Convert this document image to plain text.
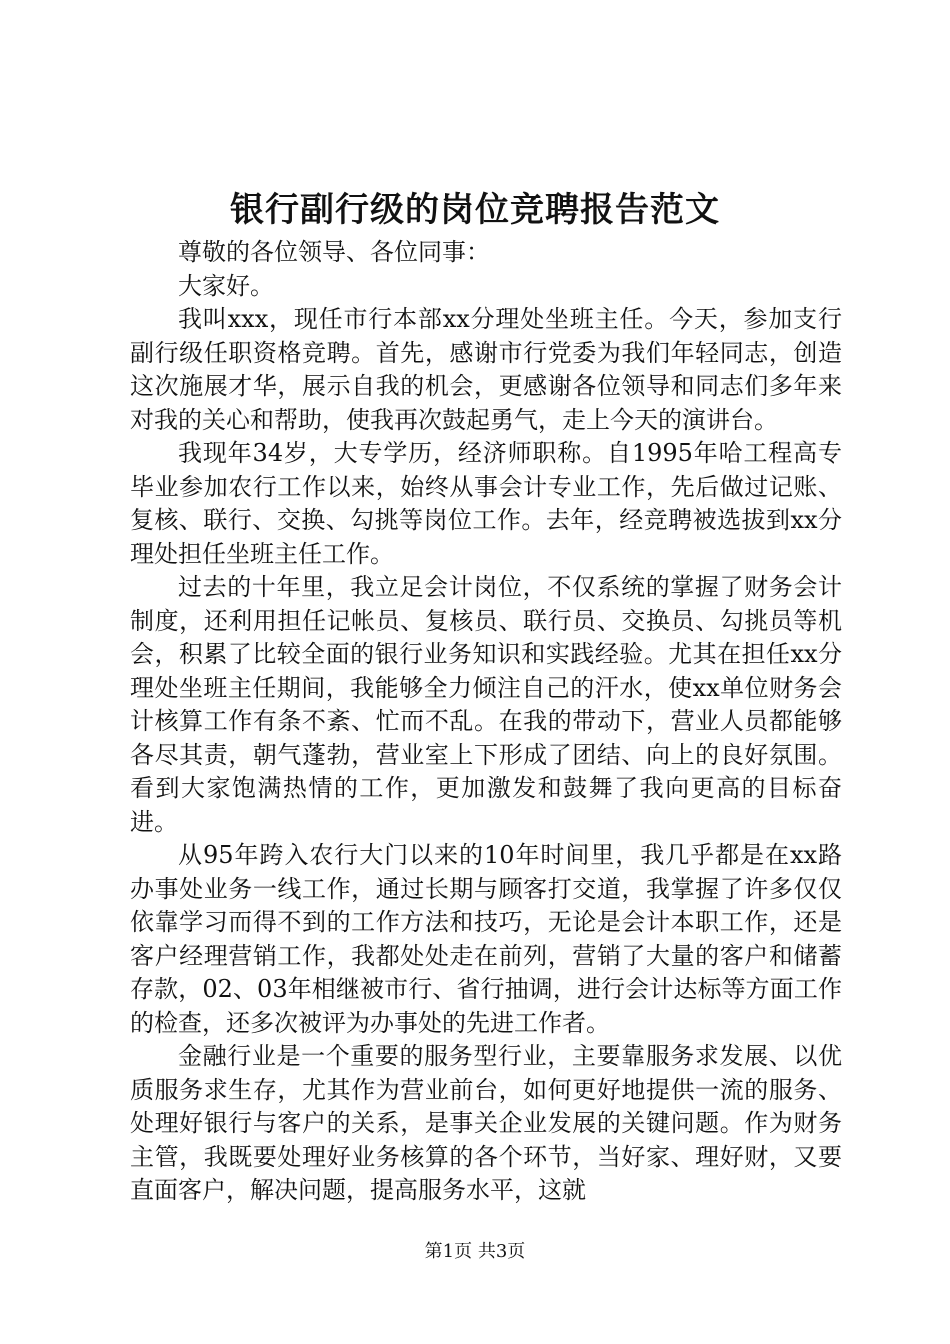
银行副行级的岗位竞聘报告范文

尊敬的各位领导、各位同事：

大家好。

我叫xxx，现任市行本部xx分理处坐班主任。今天，参加支行副行级任职资格竞聘。首先，感谢市行党委为我们年轻同志，创造这次施展才华，展示自我的机会，更感谢各位领导和同志们多年来对我的关心和帮助，使我再次鼓起勇气，走上今天的演讲台。

我现年34岁，大专学历，经济师职称。自1995年哈工程高专毕业参加农行工作以来，始终从事会计专业工作，先后做过记账、复核、联行、交换、勾挑等岗位工作。去年，经竞聘被选拔到xx分理处担任坐班主任工作。

过去的十年里，我立足会计岗位，不仅系统的掌握了财务会计制度，还利用担任记帐员、复核员、联行员、交换员、勾挑员等机会，积累了比较全面的银行业务知识和实践经验。尤其在担任xx分理处坐班主任期间，我能够全力倾注自己的汗水，使xx单位财务会计核算工作有条不紊、忙而不乱。在我的带动下，营业人员都能够各尽其责，朝气蓬勃，营业室上下形成了团结、向上的良好氛围。看到大家饱满热情的工作，更加激发和鼓舞了我向更高的目标奋进。

从95年跨入农行大门以来的10年时间里，我几乎都是在xx路办事处业务一线工作，通过长期与顾客打交道，我掌握了许多仅仅依靠学习而得不到的工作方法和技巧，无论是会计本职工作，还是客户经理营销工作，我都处处走在前列，营销了大量的客户和储蓄存款，02、03年相继被市行、省行抽调，进行会计达标等方面工作的检查，还多次被评为办事处的先进工作者。

金融行业是一个重要的服务型行业，主要靠服务求发展、以优质服务求生存，尤其作为营业前台，如何更好地提供一流的服务、处理好银行与客户的关系，是事关企业发展的关键问题。作为财务主管，我既要处理好业务核算的各个环节，当好家、理好财，又要直面客户，解决问题，提高服务水平，这就

第1页 共3页
